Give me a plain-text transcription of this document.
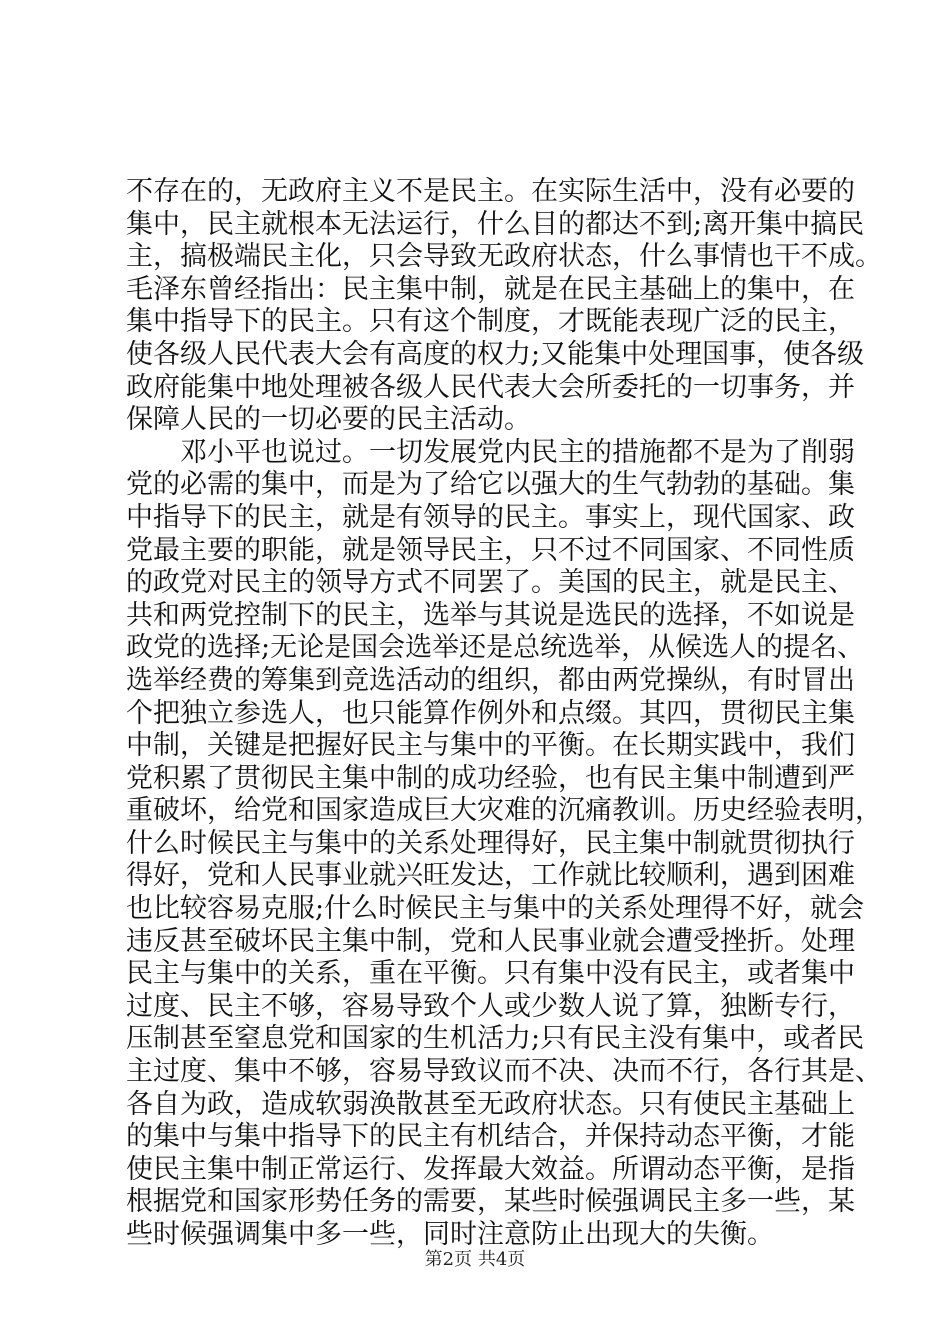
不存在的，无政府主义不是民主。在实际生活中，没有必要的
集中，民主就根本无法运行，什么目的都达不到;离开集中搞民
主，搞极端民主化，只会导致无政府状态，什么事情也干不成。
毛泽东曾经指出：民主集中制，就是在民主基础上的集中，在
集中指导下的民主。只有这个制度，才既能表现广泛的民主，
使各级人民代表大会有高度的权力;又能集中处理国事，使各级
政府能集中地处理被各级人民代表大会所委托的一切事务，并
保障人民的一切必要的民主活动。
　　邓小平也说过。一切发展党内民主的措施都不是为了削弱
党的必需的集中，而是为了给它以强大的生气勃勃的基础。集
中指导下的民主，就是有领导的民主。事实上，现代国家、政
党最主要的职能，就是领导民主，只不过不同国家、不同性质
的政党对民主的领导方式不同罢了。美国的民主，就是民主、
共和两党控制下的民主，选举与其说是选民的选择，不如说是
政党的选择;无论是国会选举还是总统选举，从候选人的提名、
选举经费的筹集到竞选活动的组织，都由两党操纵，有时冒出
个把独立参选人，也只能算作例外和点缀。其四，贯彻民主集
中制，关键是把握好民主与集中的平衡。在长期实践中，我们
党积累了贯彻民主集中制的成功经验，也有民主集中制遭到严
重破坏，给党和国家造成巨大灾难的沉痛教训。历史经验表明，
什么时候民主与集中的关系处理得好，民主集中制就贯彻执行
得好，党和人民事业就兴旺发达，工作就比较顺利，遇到困难
也比较容易克服;什么时候民主与集中的关系处理得不好，就会
违反甚至破坏民主集中制，党和人民事业就会遭受挫折。处理
民主与集中的关系，重在平衡。只有集中没有民主，或者集中
过度、民主不够，容易导致个人或少数人说了算，独断专行，
压制甚至窒息党和国家的生机活力;只有民主没有集中，或者民
主过度、集中不够，容易导致议而不决、决而不行，各行其是、
各自为政，造成软弱涣散甚至无政府状态。只有使民主基础上
的集中与集中指导下的民主有机结合，并保持动态平衡，才能
使民主集中制正常运行、发挥最大效益。所谓动态平衡，是指
根据党和国家形势任务的需要，某些时候强调民主多一些，某
些时候强调集中多一些，同时注意防止出现大的失衡。
第2页 共4页
